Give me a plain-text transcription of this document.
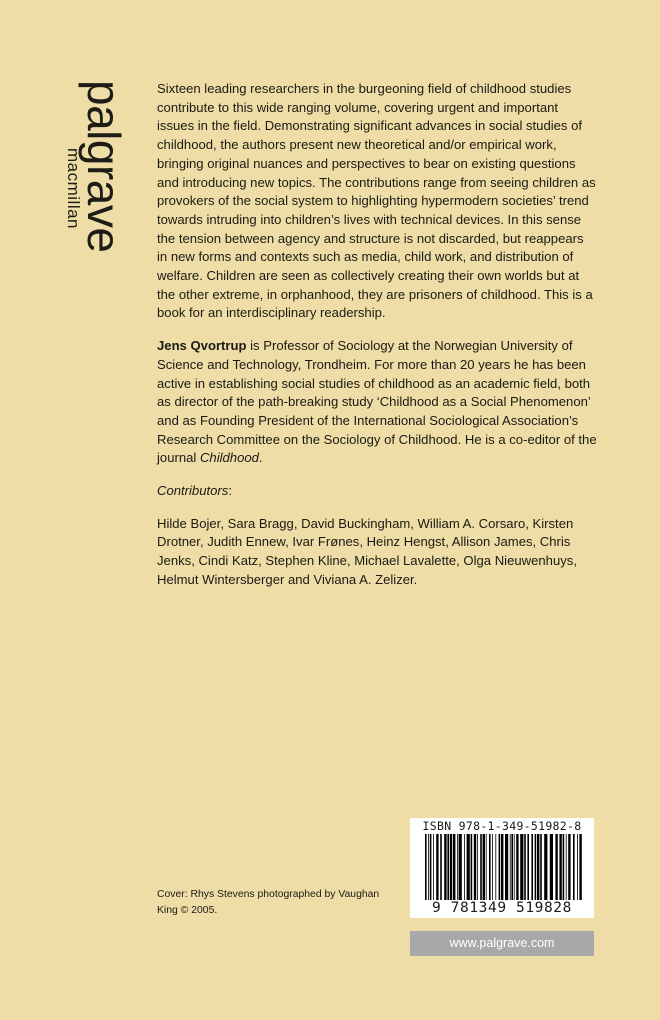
palgrave
macmillan

Sixteen leading researchers in the burgeoning field of childhood studies contribute to this wide ranging volume, covering urgent and important issues in the field. Demonstrating significant advances in social studies of childhood, the authors present new theoretical and/or empirical work, bringing original nuances and perspectives to bear on existing questions and introducing new topics. The contributions range from seeing children as provokers of the social system to highlighting hypermodern societies’ trend towards intruding into children’s lives with technical devices. In this sense the tension between agency and structure is not discarded, but reappears in new forms and contexts such as media, child work, and distribution of welfare. Children are seen as collectively creating their own worlds but at the other extreme, in orphanhood, they are prisoners of childhood. This is a book for an interdisciplinary readership.

Jens Qvortrup is Professor of Sociology at the Norwegian University of Science and Technology, Trondheim. For more than 20 years he has been active in establishing social studies of childhood as an academic field, both as director of the path-breaking study ‘Childhood as a Social Phenomenon’ and as Founding President of the International Sociological Association’s Research Committee on the Sociology of Childhood. He is a co-editor of the journal Childhood.

Contributors:

Hilde Bojer, Sara Bragg, David Buckingham, William A. Corsaro, Kirsten Drotner, Judith Ennew, Ivar Frønes, Heinz Hengst, Allison James, Chris Jenks, Cindi Katz, Stephen Kline, Michael Lavalette, Olga Nieuwenhuys, Helmut Wintersberger and Viviana A. Zelizer.

ISBN 978-1-349-51982-8
9 781349 519828
Cover: Rhys Stevens photographed by Vaughan King © 2005.
www.palgrave.com
